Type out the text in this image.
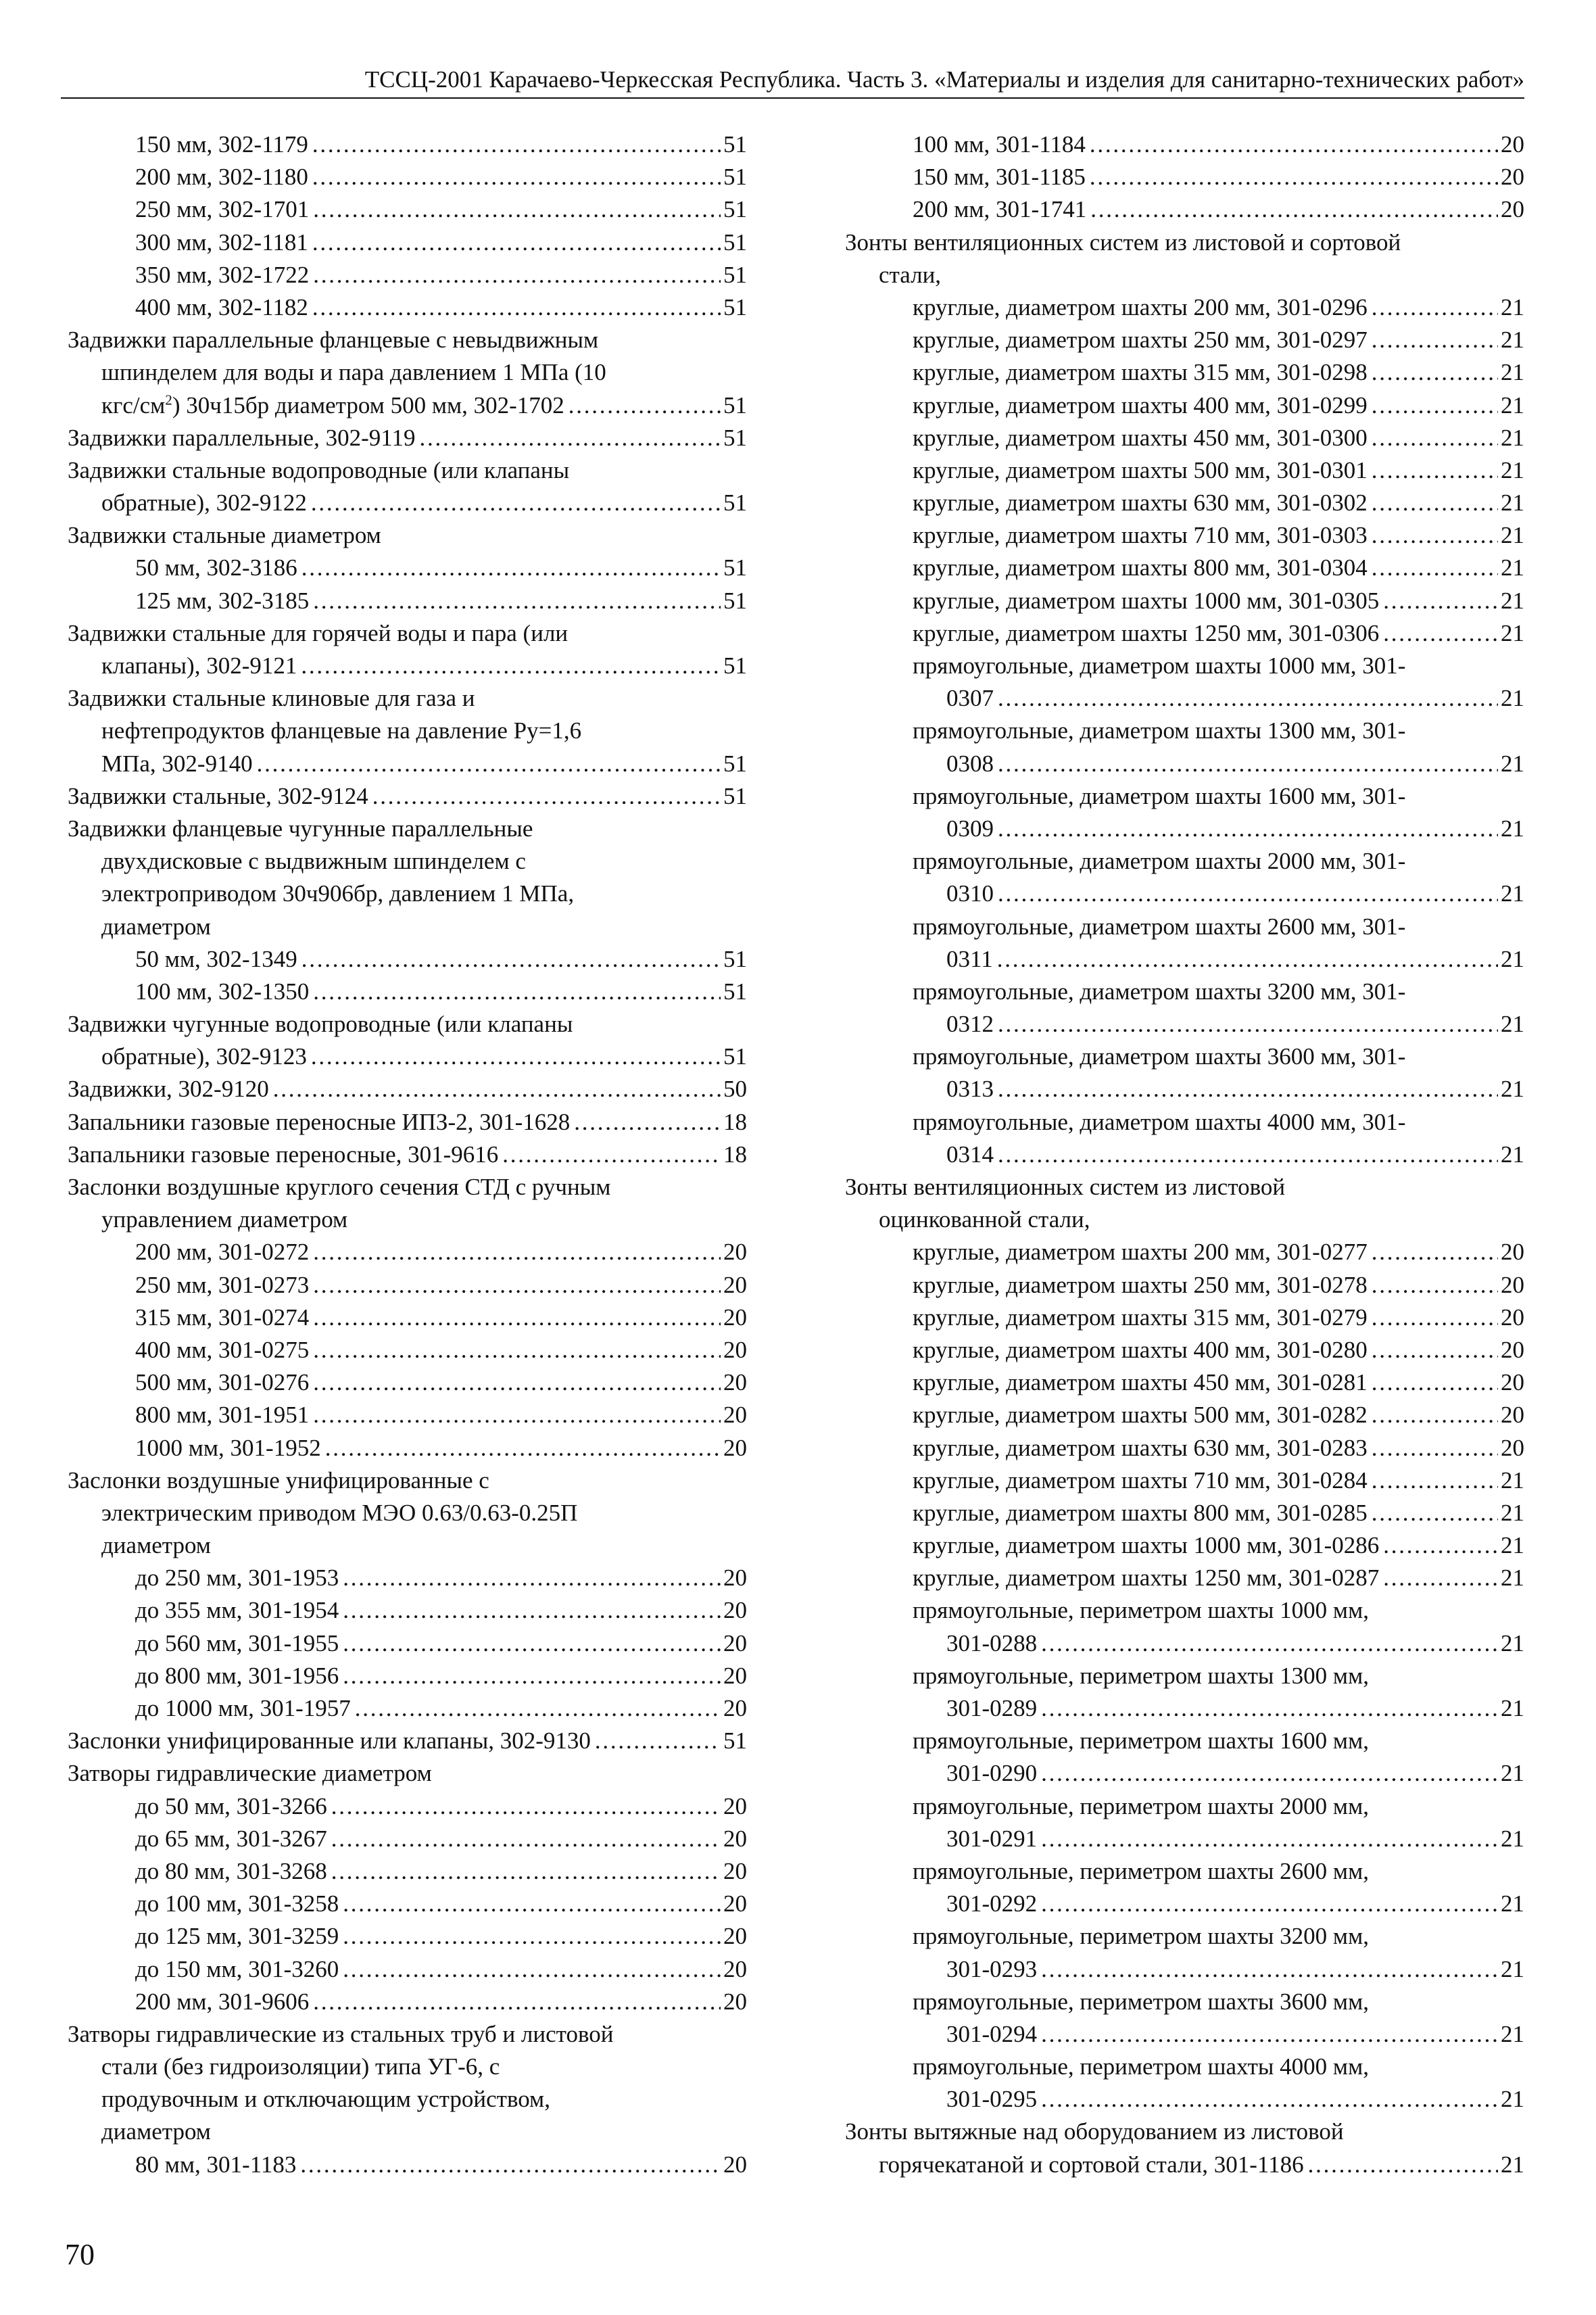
ТССЦ-2001 Карачаево-Черкесская Республика. Часть 3. «Материалы и изделия для санитарно-технических работ»
150 мм, 302-1179 . . .	51
200 мм, 302-1180 . . .	51
250 мм, 302-1701 . . .	51
300 мм, 302-1181 . . .	51
350 мм, 302-1722 . . .	51
400 мм, 302-1182 . . .	51
Задвижки параллельные фланцевые с невыдвижным
шпинделем для воды и пара давлением 1 МПа (10
кгс/$см^2$) 30ч15бр диаметром 500 мм, 302-1702 . . .	51
Задвижки параллельные, 302-9119 . . .	51
Задвижки стальные водопроводные (или клапаны
обратные), 302-9122 . . .	51
Задвижки стальные диаметром
50 мм, 302-3186 . . .	51
125 мм, 302-3185 . . .	51
Задвижки стальные для горячей воды и пара (или
клапаны), 302-9121 . . .	51
Задвижки стальные клиновые для газа и
нефтепродуктов фланцевые на давление Ру=1,6
МПа, 302-9140 . . .	51
Задвижки стальные, 302-9124 . . .	51
Задвижки фланцевые чугунные параллельные
двухдисковые с выдвижным шпинделем с
электроприводом 30ч906бр, давлением 1 МПа,
диаметром
50 мм, 302-1349 . . .	51
100 мм, 302-1350 . . .	51
Задвижки чугунные водопроводные (или клапаны
обратные), 302-9123 . . .	51
Задвижки, 302-9120 . . .	50
Запальники газовые переносные ИПЗ-2, 301-1628 . . .	18
Запальники газовые переносные, 301-9616 . . .	18
Заслонки воздушные круглого сечения СТД с ручным
управлением диаметром
200 мм, 301-0272 . . .	20
250 мм, 301-0273 . . .	20
315 мм, 301-0274 . . .	20
400 мм, 301-0275 . . .	20
500 мм, 301-0276 . . .	20
800 мм, 301-1951 . . .	20
1000 мм, 301-1952 . . .	20
Заслонки воздушные унифицированные с
электрическим приводом МЭО 0.63/0.63-0.25П
диаметром
до 250 мм, 301-1953 . . .	20
до 355 мм, 301-1954 . . .	20
до 560 мм, 301-1955 . . .	20
до 800 мм, 301-1956 . . .	20
до 1000 мм, 301-1957 . . .	20
Заслонки унифицированные или клапаны, 302-9130 . . .	51
Затворы гидравлические диаметром
до 50 мм, 301-3266 . . .	20
до 65 мм, 301-3267 . . .	20
до 80 мм, 301-3268 . . .	20
до 100 мм, 301-3258 . . .	20
до 125 мм, 301-3259 . . .	20
до 150 мм, 301-3260 . . .	20
200 мм, 301-9606 . . .	20
Затворы гидравлические из стальных труб и листовой
стали (без гидроизоляции) типа УГ-6, с
продувочным и отключающим устройством,
диаметром
80 мм, 301-1183 . . .	20
100 мм, 301-1184 . . .	20
150 мм, 301-1185 . . .	20
200 мм, 301-1741 . . .	20
Зонты вентиляционных систем из листовой и сортовой
стали,
круглые, диаметром шахты 200 мм, 301-0296 . . .	21
круглые, диаметром шахты 250 мм, 301-0297 . . .	21
круглые, диаметром шахты 315 мм, 301-0298 . . .	21
круглые, диаметром шахты 400 мм, 301-0299 . . .	21
круглые, диаметром шахты 450 мм, 301-0300 . . .	21
круглые, диаметром шахты 500 мм, 301-0301 . . .	21
круглые, диаметром шахты 630 мм, 301-0302 . . .	21
круглые, диаметром шахты 710 мм, 301-0303 . . .	21
круглые, диаметром шахты 800 мм, 301-0304 . . .	21
круглые, диаметром шахты 1000 мм, 301-0305 . . .	21
круглые, диаметром шахты 1250 мм, 301-0306 . . .	21
прямоугольные, диаметром шахты 1000 мм, 301-
0307 . . .	21
прямоугольные, диаметром шахты 1300 мм, 301-
0308 . . .	21
прямоугольные, диаметром шахты 1600 мм, 301-
0309 . . .	21
прямоугольные, диаметром шахты 2000 мм, 301-
0310 . . .	21
прямоугольные, диаметром шахты 2600 мм, 301-
0311 . . .	21
прямоугольные, диаметром шахты 3200 мм, 301-
0312 . . .	21
прямоугольные, диаметром шахты 3600 мм, 301-
0313 . . .	21
прямоугольные, диаметром шахты 4000 мм, 301-
0314 . . .	21
Зонты вентиляционных систем из листовой
оцинкованной стали,
круглые, диаметром шахты 200 мм, 301-0277 . . .	20
круглые, диаметром шахты 250 мм, 301-0278 . . .	20
круглые, диаметром шахты 315 мм, 301-0279 . . .	20
круглые, диаметром шахты 400 мм, 301-0280 . . .	20
круглые, диаметром шахты 450 мм, 301-0281 . . .	20
круглые, диаметром шахты 500 мм, 301-0282 . . .	20
круглые, диаметром шахты 630 мм, 301-0283 . . .	20
круглые, диаметром шахты 710 мм, 301-0284 . . .	21
круглые, диаметром шахты 800 мм, 301-0285 . . .	21
круглые, диаметром шахты 1000 мм, 301-0286 . . .	21
круглые, диаметром шахты 1250 мм, 301-0287 . . .	21
прямоугольные, периметром шахты 1000 мм,
301-0288 . . .	21
прямоугольные, периметром шахты 1300 мм,
301-0289 . . .	21
прямоугольные, периметром шахты 1600 мм,
301-0290 . . .	21
прямоугольные, периметром шахты 2000 мм,
301-0291 . . .	21
прямоугольные, периметром шахты 2600 мм,
301-0292 . . .	21
прямоугольные, периметром шахты 3200 мм,
301-0293 . . .	21
прямоугольные, периметром шахты 3600 мм,
301-0294 . . .	21
прямоугольные, периметром шахты 4000 мм,
301-0295 . . .	21
Зонты вытяжные над оборудованием из листовой
горячекатаной и сортовой стали, 301-1186 . . .	21
70
